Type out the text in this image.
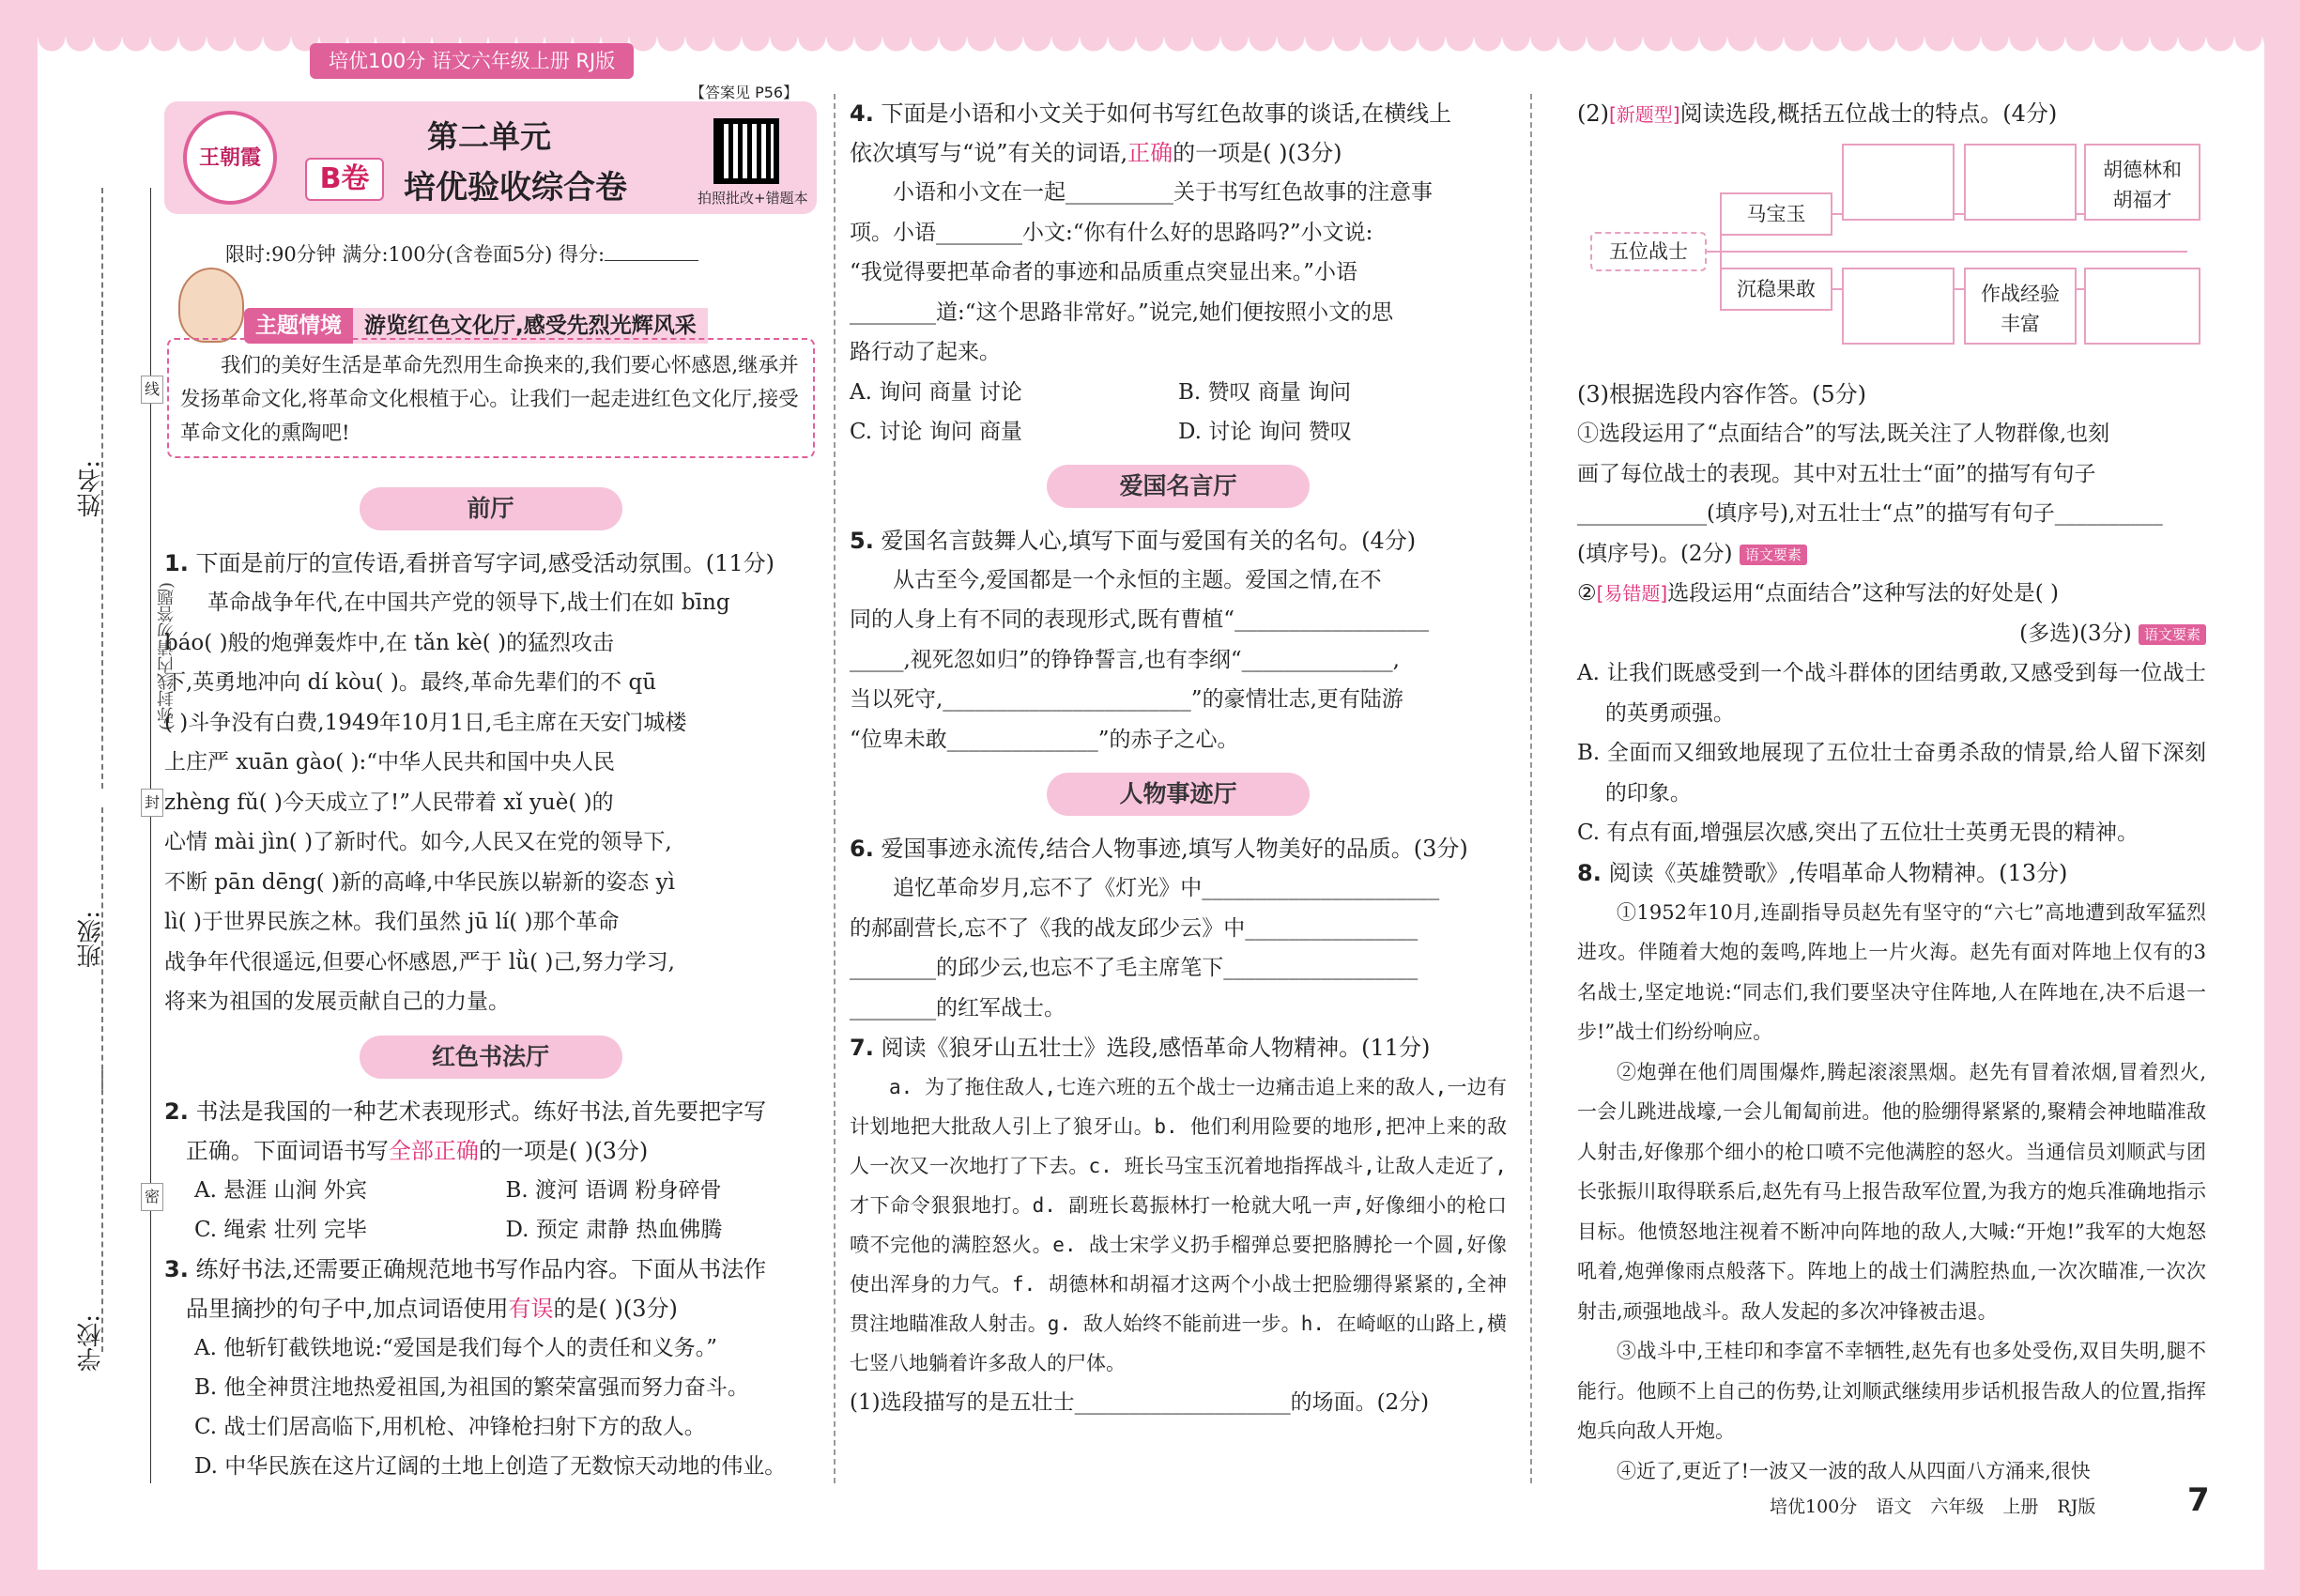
培优100分 语文六年级上册 RJ版
姓名:
班级:
学校:
线
(弥封线内请勿答题)
封
密
【答案见 P56】
王朝霞
B卷
第二单元
培优验收综合卷	拍照批改+错题本
限时:90分钟 满分:100分(含卷面5分) 得分:
主题情境 游览红色文化厅,感受先烈光辉风采

我们的美好生活是革命先烈用生命换来的,我们要心怀感恩,继承并发扬革命文化,将革命文化根植于心。让我们一起走进红色文化厅,接受革命文化的熏陶吧!

前厅
1. 下面是前厅的宣传语,看拼音写字词,感受活动氛围。(11分)

革命战争年代,在中国共产党的领导下,战士们在如 bīng

báo( )般的炮弹轰炸中,在 tǎn kè( )的猛烈攻击

下,英勇地冲向 dí kòu( )。最终,革命先辈们的不 qū

( )斗争没有白费,1949年10月1日,毛主席在天安门城楼

上庄严 xuān gào( ):“中华人民共和国中央人民

zhèng fǔ( )今天成立了!”人民带着 xǐ yuè( )的

心情 mài jìn( )了新时代。如今,人民又在党的领导下,

不断 pān dēng( )新的高峰,中华民族以崭新的姿态 yì

lì( )于世界民族之林。我们虽然 jū lí( )那个革命

战争年代很遥远,但要心怀感恩,严于 lǜ( )己,努力学习,

将来为祖国的发展贡献自己的力量。

红色书法厅
2. 书法是我国的一种艺术表现形式。练好书法,首先要把字写
正确。下面词语书写全部正确的一项是( )(3分)
A. 悬涯 山涧 外宾	B. 渡河 语调 粉身碎骨
C. 绳索 壮列 完毕	D. 预定 肃静 热血佛腾
3. 练好书法,还需要正确规范地书写作品内容。下面从书法作
品里摘抄的句子中,加点词语使用有误的是( )(3分)
A. 他斩钉截铁地说:“爱国是我们每个人的责任和义务。”
B. 他全神贯注地热爱祖国,为祖国的繁荣富强而努力奋斗。
C. 战士们居高临下,用机枪、冲锋枪扫射下方的敌人。
D. 中华民族在这片辽阔的土地上创造了无数惊天动地的伟业。
4. 下面是小语和小文关于如何书写红色故事的谈话,在横线上
依次填写与“说”有关的词语,正确的一项是( )(3分)

小语和小文在一起__________关于书写红色故事的注意事

项。小语________小文:“你有什么好的思路吗?”小文说:

“我觉得要把革命者的事迹和品质重点突显出来。”小语

________道:“这个思路非常好。”说完,她们便按照小文的思

路行动了起来。

A. 询问 商量 讨论	B. 赞叹 商量 询问
C. 讨论 询问 商量	D. 讨论 询问 赞叹
爱国名言厅
5. 爱国名言鼓舞人心,填写下面与爱国有关的名句。(4分)

从古至今,爱国都是一个永恒的主题。爱国之情,在不

同的人身上有不同的表现形式,既有曹植“__________________

_____,视死忽如归”的铮铮誓言,也有李纲“______________,

当以死守,_______________________”的豪情壮志,更有陆游

“位卑未敢______________”的赤子之心。

人物事迹厅
6. 爱国事迹永流传,结合人物事迹,填写人物美好的品质。(3分)

追忆革命岁月,忘不了《灯光》中______________________

的郝副营长,忘不了《我的战友邱少云》中________________

________的邱少云,也忘不了毛主席笔下__________________

________的红军战士。

7. 阅读《狼牙山五壮士》选段,感悟革命人物精神。(11分)

a. 为了拖住敌人,七连六班的五个战士一边痛击追上来的敌人,一边有计划地把大批敌人引上了狼牙山。b. 他们利用险要的地形,把冲上来的敌人一次又一次地打了下去。c. 班长马宝玉沉着地指挥战斗,让敌人走近了,才下命令狠狠地打。d. 副班长葛振林打一枪就大吼一声,好像细小的枪口喷不完他的满腔怒火。e. 战士宋学义扔手榴弹总要把胳膊抡一个圆,好像使出浑身的力气。f. 胡德林和胡福才这两个小战士把脸绷得紧紧的,全神贯注地瞄准敌人射击。g. 敌人始终不能前进一步。h. 在崎岖的山路上,横七竖八地躺着许多敌人的尸体。

(1)选段描写的是五壮士____________________的场面。(2分)

(2)[新题型]阅读选段,概括五位战士的特点。(4分)
五位战士
马宝玉
胡德林和胡福才
沉稳果敢	作战经验丰富
(3)根据选段内容作答。(5分)

①选段运用了“点面结合”的写法,既关注了人物群像,也刻

画了每位战士的表现。其中对五壮士“面”的描写有句子

____________(填序号),对五壮士“点”的描写有句子__________

(填序号)。(2分) 语文要素

②[易错题]选段运用“点面结合”这种写法的好处是( )

(多选)(3分) 语文要素

A. 让我们既感受到一个战斗群体的团结勇敢,又感受到每一位战士的英勇顽强。

B. 全面而又细致地展现了五位壮士奋勇杀敌的情景,给人留下深刻的印象。

C. 有点有面,增强层次感,突出了五位壮士英勇无畏的精神。

8. 阅读《英雄赞歌》,传唱革命人物精神。(13分)

①1952年10月,连副指导员赵先有坚守的“六七”高地遭到敌军猛烈进攻。伴随着大炮的轰鸣,阵地上一片火海。赵先有面对阵地上仅有的3名战士,坚定地说:“同志们,我们要坚决守住阵地,人在阵地在,决不后退一步!”战士们纷纷响应。

②炮弹在他们周围爆炸,腾起滚滚黑烟。赵先有冒着浓烟,冒着烈火,一会儿跳进战壕,一会儿匍匐前进。他的脸绷得紧紧的,聚精会神地瞄准敌人射击,好像那个细小的枪口喷不完他满腔的怒火。当通信员刘顺武与团长张振川取得联系后,赵先有马上报告敌军位置,为我方的炮兵准确地指示目标。他愤怒地注视着不断冲向阵地的敌人,大喊:“开炮!”我军的大炮怒吼着,炮弹像雨点般落下。阵地上的战士们满腔热血,一次次瞄准,一次次射击,顽强地战斗。敌人发起的多次冲锋被击退。

③战斗中,王桂印和李富不幸牺牲,赵先有也多处受伤,双目失明,腿不能行。他顾不上自己的伤势,让刘顺武继续用步话机报告敌人的位置,指挥炮兵向敌人开炮。

④近了,更近了!一波又一波的敌人从四面八方涌来,很快

培优100分 语文 六年级 上册 RJ版	7
